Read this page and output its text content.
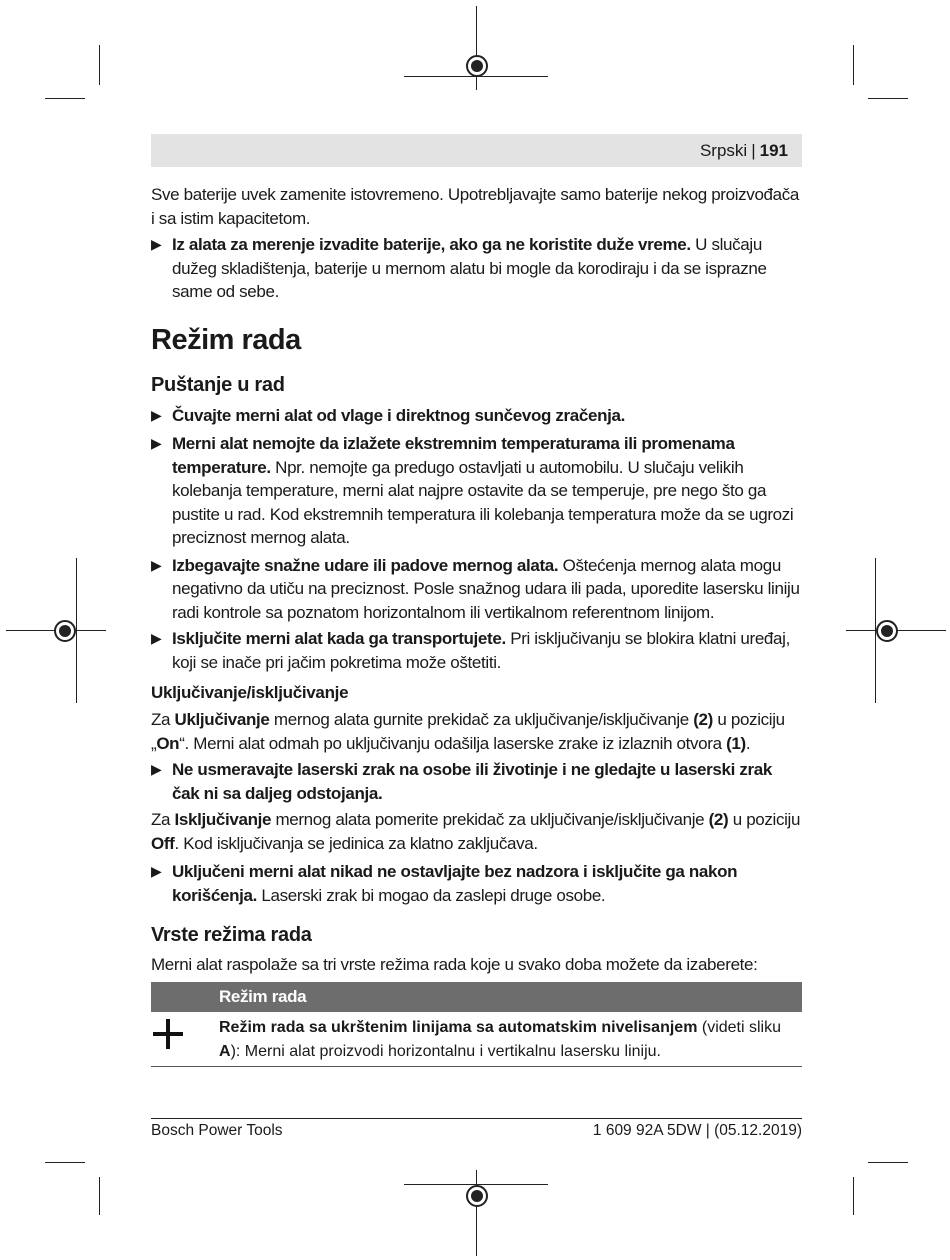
Srpski | 191

Sve baterije uvek zamenite istovremeno. Upotrebljavajte samo baterije nekog proizvođača i sa istim kapacitetom.

▶ Iz alata za merenje izvadite baterije, ako ga ne koristite duže vreme. U slučaju dužeg skladištenja, baterije u mernom alatu bi mogle da korodiraju i da se isprazne same od sebe.
Režim rada
Puštanje u rad
▶ Čuvajte merni alat od vlage i direktnog sunčevog zračenja.
▶ Merni alat nemojte da izlažete ekstremnim temperaturama ili promenama temperature. Npr. nemojte ga predugo ostavljati u automobilu. U slučaju velikih kolebanja temperature, merni alat najpre ostavite da se temperuje, pre nego što ga pustite u rad. Kod ekstremnih temperatura ili kolebanja temperatura može da se ugrozi preciznost mernog alata.
▶ Izbegavajte snažne udare ili padove mernog alata. Oštećenja mernog alata mogu negativno da utiču na preciznost. Posle snažnog udara ili pada, uporedite lasersku liniju radi kontrole sa poznatom horizontalnom ili vertikalnom referentnom linijom.
▶ Isključite merni alat kada ga transportujete. Pri isključivanju se blokira klatni uređaj, koji se inače pri jačim pokretima može oštetiti.
Uključivanje/isključivanje

Za Uključivanje mernog alata gurnite prekidač za uključivanje/isključivanje (2) u poziciju „On“. Merni alat odmah po uključivanju odašilja laserske zrake iz izlaznih otvora (1).

▶ Ne usmeravajte laserski zrak na osobe ili životinje i ne gledajte u laserski zrak čak ni sa daljeg odstojanja.

Za Isključivanje mernog alata pomerite prekidač za uključivanje/isključivanje (2) u poziciju Off. Kod isključivanja se jedinica za klatno zaključava.

▶ Uključeni merni alat nikad ne ostavljajte bez nadzora i isključite ga nakon korišćenja. Laserski zrak bi mogao da zaslepi druge osobe.
Vrste režima rada

Merni alat raspolaže sa tri vrste režima rada koje u svako doba možete da izaberete:

Režim rada
Režim rada sa ukrštenim linijama sa automatskim nivelisanjem (videti sliku A): Merni alat proizvodi horizontalnu i vertikalnu lasersku liniju.
Bosch Power Tools	1 609 92A 5DW | (05.12.2019)
